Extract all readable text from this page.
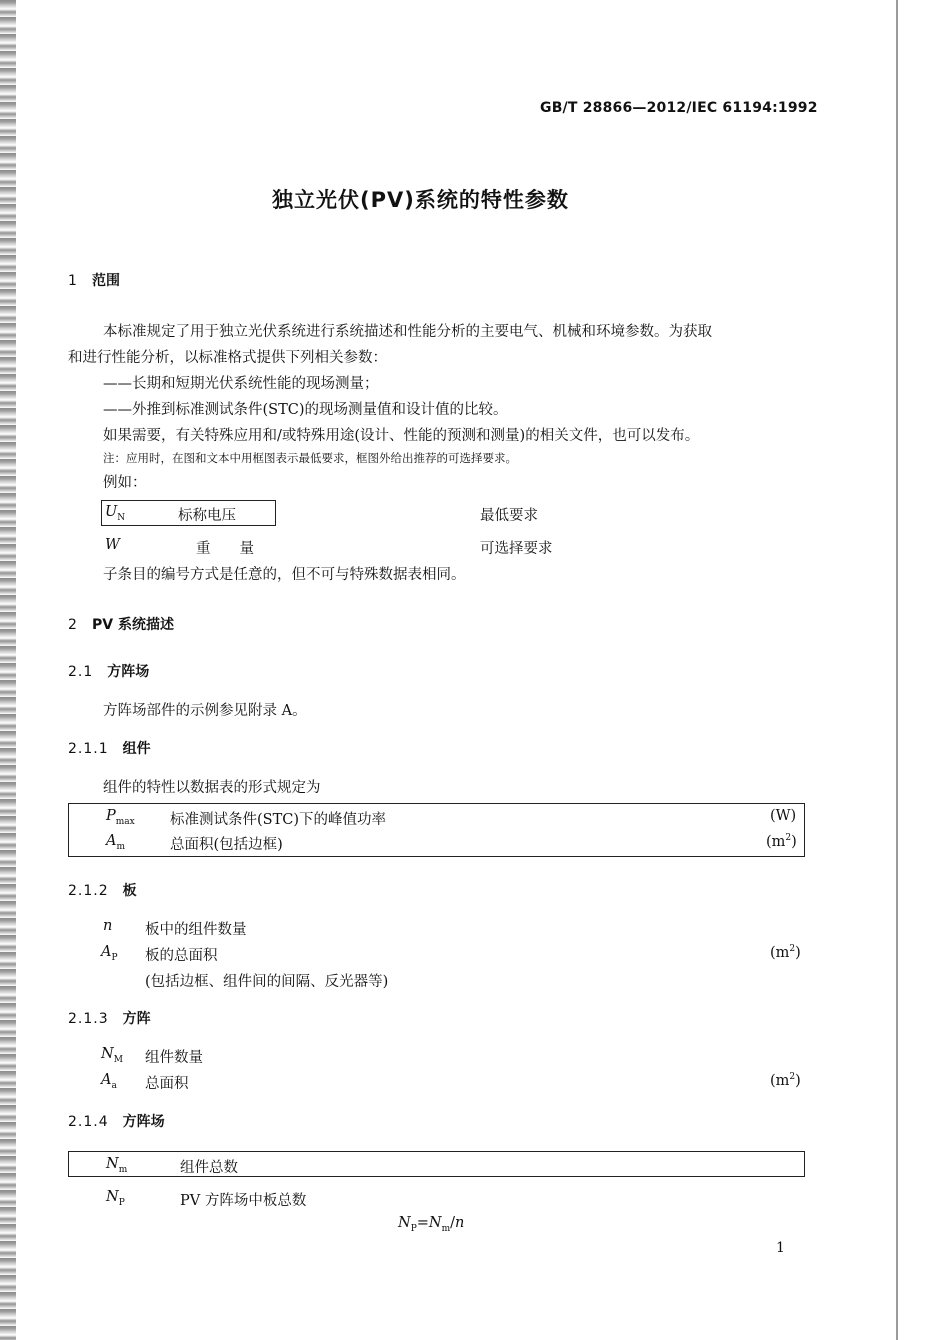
GB/T 28866—2012/IEC 61194:1992
独立光伏(PV)系统的特性参数
1 范围
本标准规定了用于独立光伏系统进行系统描述和性能分析的主要电气、机械和环境参数。为获取
和进行性能分析，以标准格式提供下列相关参数：
——长期和短期光伏系统性能的现场测量；
——外推到标准测试条件(STC)的现场测量值和设计值的比较。
如果需要，有关特殊应用和/或特殊用途(设计、性能的预测和测量)的相关文件，也可以发布。
注：应用时，在图和文本中用框图表示最低要求，框图外给出推荐的可选择要求。
例如：
$U_N$	标称电压	最低要求
W	重　　量	可选择要求
子条目的编号方式是任意的，但不可与特殊数据表相同。
2 PV 系统描述
2.1 方阵场
方阵场部件的示例参见附录 A。
2.1.1 组件
组件的特性以数据表的形式规定为
$P_{max}$ 标准测试条件(STC)下的峰值功率	(W)
$A_m$	总面积(包括边框)	$(m^2)$
2.1.2 板
n 板中的组件数量
$A_P$ 板的总面积	$(m^2)$
(包括边框、组件间的间隔、反光器等)
2.1.3 方阵
$N_M$ 组件数量
$A_a$ 总面积	$(m^2)$
2.1.4 方阵场
$N_m$	组件总数
$N_P$	PV 方阵场中板总数
$N_P=N_m/n$
1
